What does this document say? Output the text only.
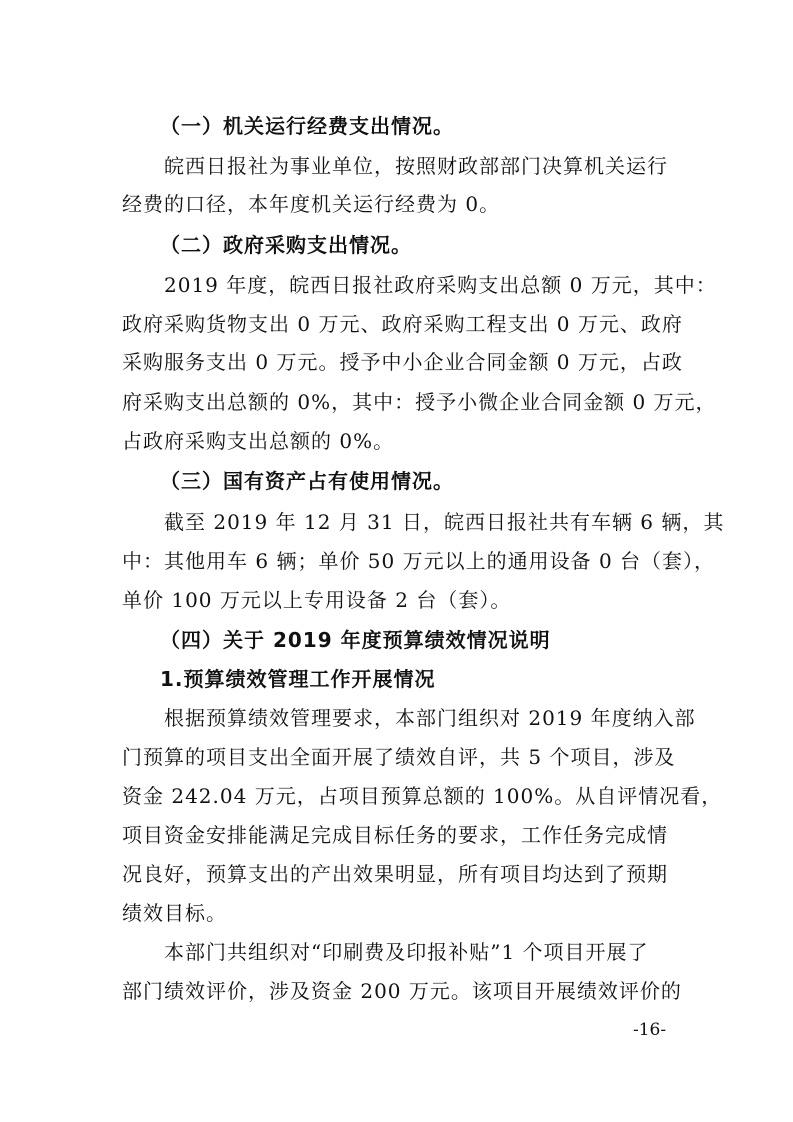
（一）机关运行经费支出情况。
皖西日报社为事业单位，按照财政部部门决算机关运行
经费的口径，本年度机关运行经费为 0。
（二）政府采购支出情况。
2019 年度，皖西日报社政府采购支出总额 0 万元，其中：
政府采购货物支出 0 万元、政府采购工程支出 0 万元、政府
采购服务支出 0 万元。授予中小企业合同金额 0 万元，占政
府采购支出总额的 0%，其中：授予小微企业合同金额 0 万元，
占政府采购支出总额的 0%。
（三）国有资产占有使用情况。
截至 2019 年 12 月 31 日，皖西日报社共有车辆 6 辆，其
中：其他用车 6 辆；单价 50 万元以上的通用设备 0 台（套），
单价 100 万元以上专用设备 2 台（套）。
（四）关于 2019 年度预算绩效情况说明
1.预算绩效管理工作开展情况
根据预算绩效管理要求，本部门组织对 2019 年度纳入部
门预算的项目支出全面开展了绩效自评，共 5 个项目，涉及
资金 242.04 万元，占项目预算总额的 100%。从自评情况看，
项目资金安排能满足完成目标任务的要求，工作任务完成情
况良好，预算支出的产出效果明显，所有项目均达到了预期
绩效目标。
本部门共组织对“印刷费及印报补贴”1 个项目开展了
部门绩效评价，涉及资金 200 万元。该项目开展绩效评价的
-16-
